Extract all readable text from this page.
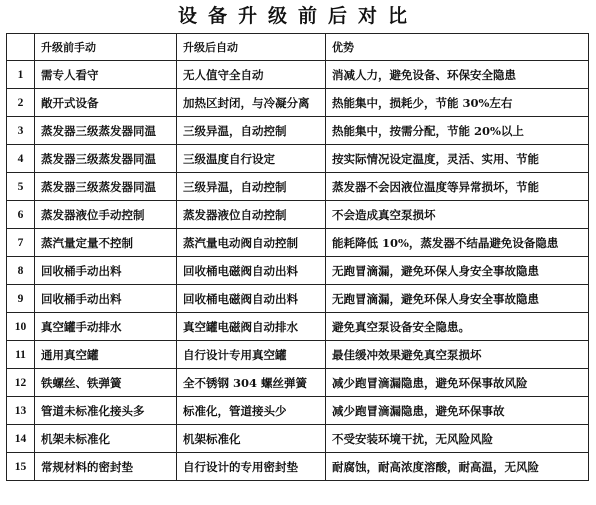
设备升级前后对比
	升级前手动	升级后自动	优势
1	需专人看守	无人值守全自动	消减人力，避免设备、环保安全隐患
2	敞开式设备	加热区封闭，与冷凝分离	热能集中，损耗少，节能 30%左右
3	蒸发器三级蒸发器同温	三级异温，自动控制	热能集中，按需分配，节能 20%以上
4	蒸发器三级蒸发器同温	三级温度自行设定	按实际情况设定温度，灵活、实用、节能
5	蒸发器三级蒸发器同温	三级异温，自动控制	蒸发器不会因液位温度等异常损坏，节能
6	蒸发器液位手动控制	蒸发器液位自动控制	不会造成真空泵损坏
7	蒸汽量定量不控制	蒸汽量电动阀自动控制	能耗降低 10%，蒸发器不结晶避免设备隐患
8	回收桶手动出料	回收桶电磁阀自动出料	无跑冒滴漏，避免环保人身安全事故隐患
9	回收桶手动出料	回收桶电磁阀自动出料	无跑冒滴漏，避免环保人身安全事故隐患
10	真空罐手动排水	真空罐电磁阀自动排水	避免真空泵设备安全隐患。
11	通用真空罐	自行设计专用真空罐	最佳缓冲效果避免真空泵损坏
12	铁螺丝、铁弹簧	全不锈钢 304 螺丝弹簧	减少跑冒滴漏隐患，避免环保事故风险
13	管道未标准化接头多	标准化，管道接头少	减少跑冒滴漏隐患，避免环保事故
14	机架未标准化	机架标准化	不受安装环境干扰，无风险风险
15	常规材料的密封垫	自行设计的专用密封垫	耐腐蚀，耐高浓度溶酸，耐高温，无风险
